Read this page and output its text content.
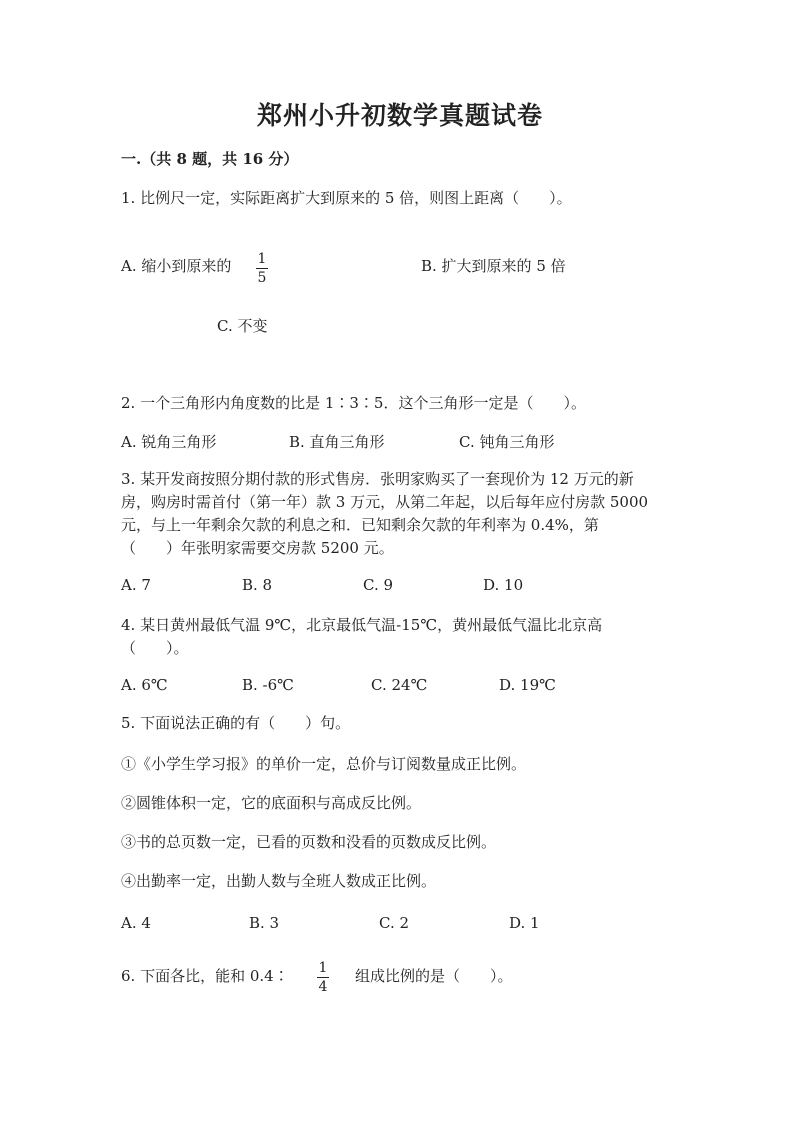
郑州小升初数学真题试卷
一.（共 8 题，共 16 分）
1. 比例尺一定，实际距离扩大到原来的 5 倍，则图上距离（　　）。
A. 缩小到原来的 1
5
B. 扩大到原来的 5 倍
C. 不变
2. 一个三角形内角度数的比是 1∶3∶5．这个三角形一定是（　　）。
A. 锐角三角形	B. 直角三角形	C. 钝角三角形
3. 某开发商按照分期付款的形式售房．张明家购买了一套现价为 12 万元的新
房，购房时需首付（第一年）款 3 万元，从第二年起，以后每年应付房款 5000
元，与上一年剩余欠款的利息之和．已知剩余欠款的年利率为 0.4%，第
（　　）年张明家需要交房款 5200 元。
A. 7	B. 8	C. 9	D. 10
4. 某日黄州最低气温 9℃，北京最低气温-15℃，黄州最低气温比北京高
（　　）。
A. 6℃	B. -6℃	C. 24℃	D. 19℃
5. 下面说法正确的有（　　）句。
①《小学生学习报》的单价一定，总价与订阅数量成正比例。
②圆锥体积一定，它的底面积与高成反比例。
③书的总页数一定，已看的页数和没看的页数成反比例。
④出勤率一定，出勤人数与全班人数成正比例。
A. 4	B. 3	C. 2	D. 1
6. 下面各比，能和 0.4∶ 1
4
组成比例的是（　　）。
